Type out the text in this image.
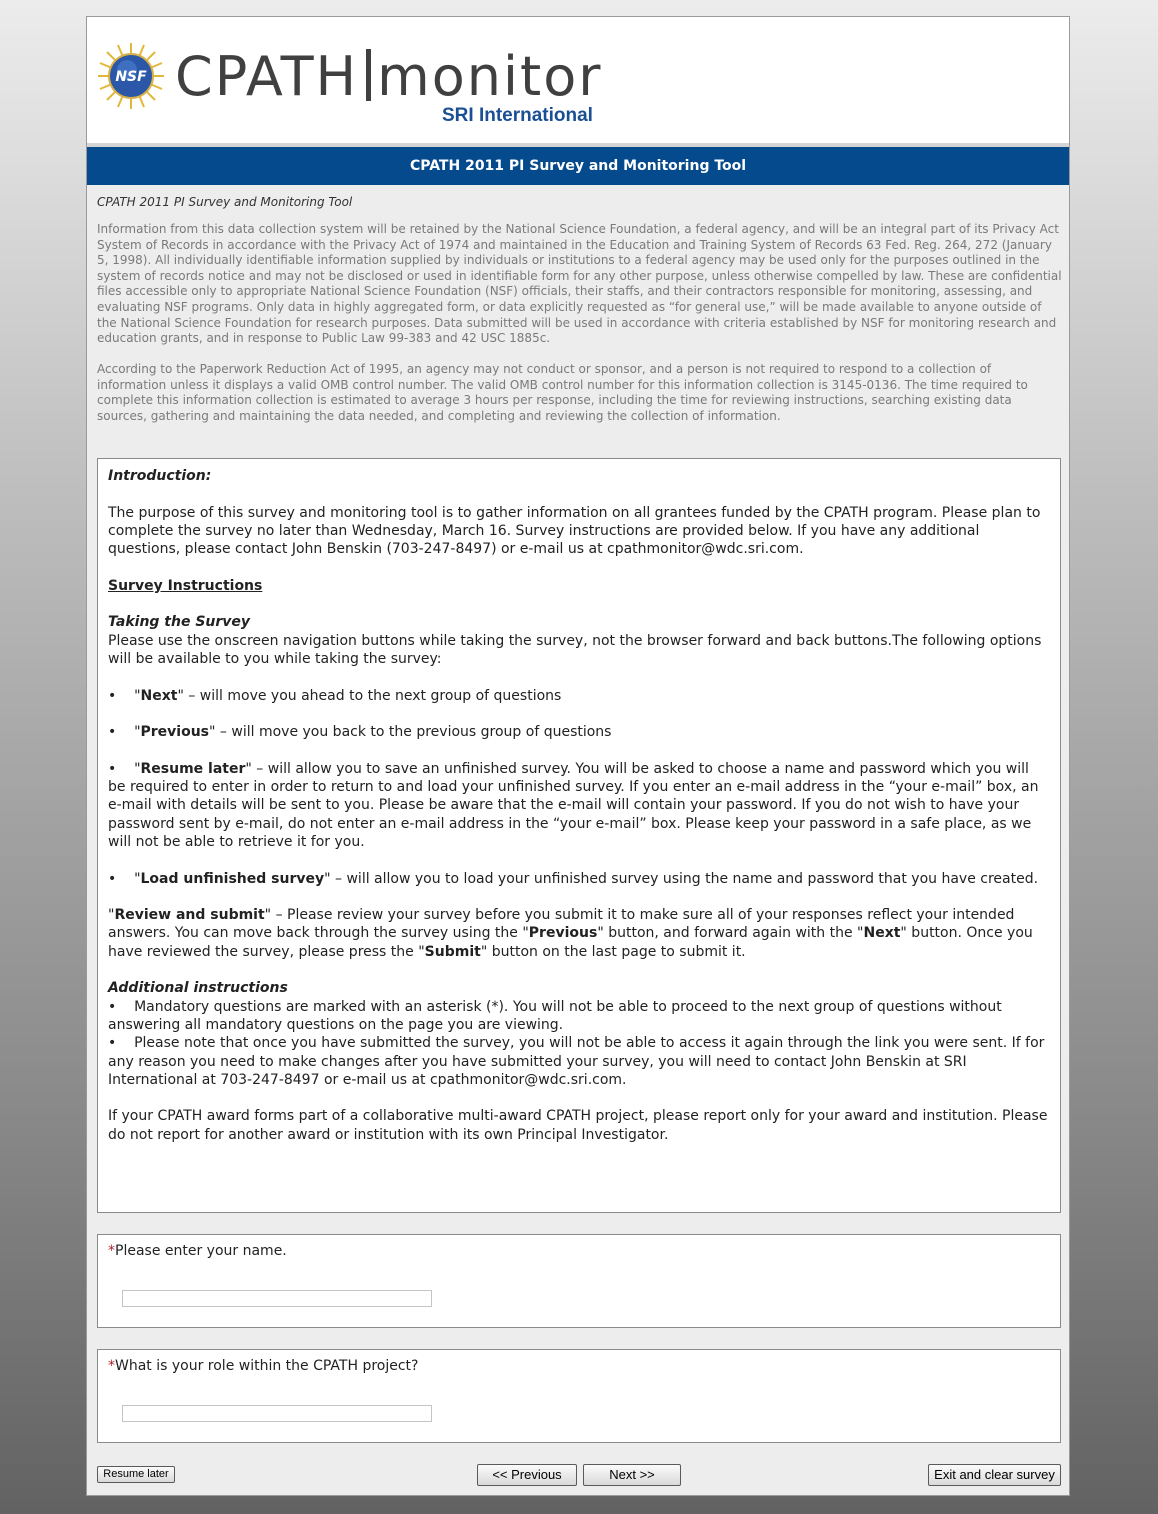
NSF CPATH monitor
SRI International
CPATH 2011 PI Survey and Monitoring Tool
CPATH 2011 PI Survey and Monitoring Tool
Information from this data collection system will be retained by the National Science Foundation, a federal agency, and will be an integral part of its Privacy Act System of Records in accordance with the Privacy Act of 1974 and maintained in the Education and Training System of Records 63 Fed. Reg. 264, 272 (January 5, 1998). All individually identifiable information supplied by individuals or institutions to a federal agency may be used only for the purposes outlined in the system of records notice and may not be disclosed or used in identifiable form for any other purpose, unless otherwise compelled by law. These are confidential files accessible only to appropriate National Science Foundation (NSF) officials, their staffs, and their contractors responsible for monitoring, assessing, and evaluating NSF programs. Only data in highly aggregated form, or data explicitly requested as “for general use,” will be made available to anyone outside of the National Science Foundation for research purposes. Data submitted will be used in accordance with criteria established by NSF for monitoring research and education grants, and in response to Public Law 99-383 and 42 USC 1885c.
According to the Paperwork Reduction Act of 1995, an agency may not conduct or sponsor, and a person is not required to respond to a collection of information unless it displays a valid OMB control number. The valid OMB control number for this information collection is 3145-0136. The time required to complete this information collection is estimated to average 3 hours per response, including the time for reviewing instructions, searching existing data sources, gathering and maintaining the data needed, and completing and reviewing the collection of information.

Introduction:

The purpose of this survey and monitoring tool is to gather information on all grantees funded by the CPATH program. Please plan to complete the survey no later than Wednesday, March 16. Survey instructions are provided below. If you have any additional questions, please contact John Benskin (703-247-8497) or e-mail us at cpathmonitor@wdc.sri.com.

Survey Instructions

Taking the Survey

Please use the onscreen navigation buttons while taking the survey, not the browser forward and back buttons.The following options will be available to you while taking the survey:

•    "Next" – will move you ahead to the next group of questions

•    "Previous" – will move you back to the previous group of questions

•    "Resume later" – will allow you to save an unfinished survey. You will be asked to choose a name and password which you will be required to enter in order to return to and load your unfinished survey. If you enter an e-mail address in the “your e-mail” box, an e-mail with details will be sent to you. Please be aware that the e-mail will contain your password. If you do not wish to have your password sent by e-mail, do not enter an e-mail address in the “your e-mail” box. Please keep your password in a safe place, as we will not be able to retrieve it for you.

•    "Load unfinished survey" – will allow you to load your unfinished survey using the name and password that you have created.

"Review and submit" – Please review your survey before you submit it to make sure all of your responses reflect your intended answers. You can move back through the survey using the "Previous" button, and forward again with the "Next" button. Once you have reviewed the survey, please press the "Submit" button on the last page to submit it.

Additional instructions

• Mandatory questions are marked with an asterisk (*). You will not be able to proceed to the next group of questions without answering all mandatory questions on the page you are viewing.

• Please note that once you have submitted the survey, you will not be able to access it again through the link you were sent. If for any reason you need to make changes after you have submitted your survey, you will need to contact John Benskin at SRI International at 703-247-8497 or e-mail us at cpathmonitor@wdc.sri.com.

If your CPATH award forms part of a collaborative multi-award CPATH project, please report only for your award and institution. Please do not report for another award or institution with its own Principal Investigator.

*Please enter your name.
*What is your role within the CPATH project?
Resume later	<< Previous	Next >>	Exit and clear survey
